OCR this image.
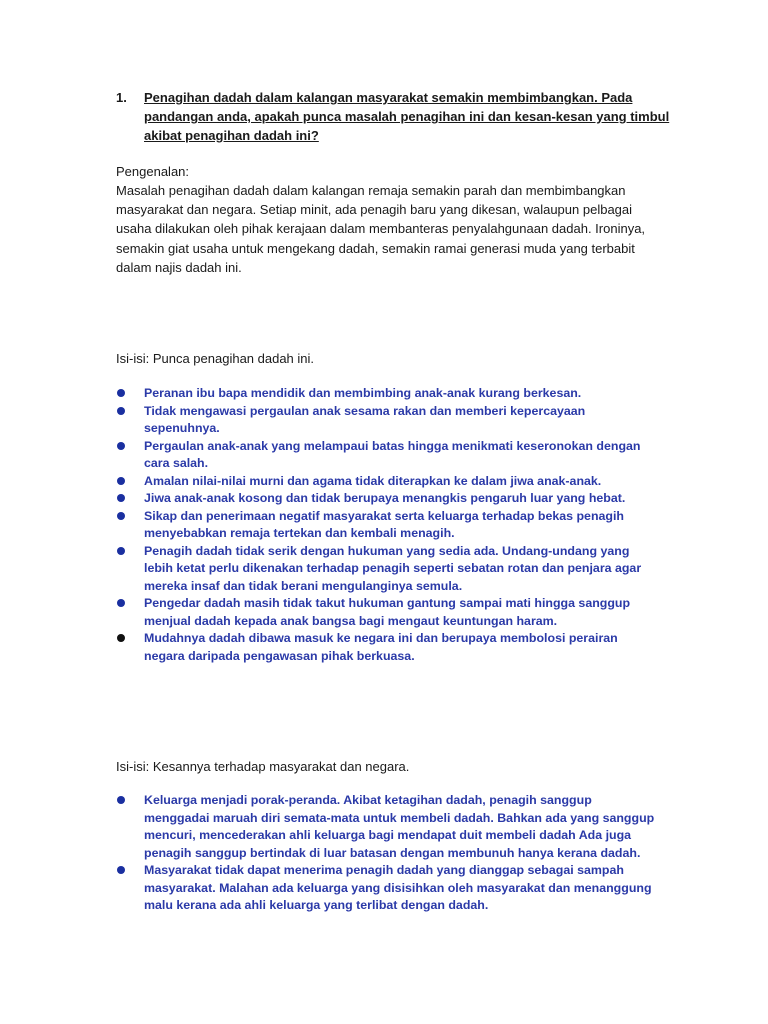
1. Penagihan dadah dalam kalangan masyarakat semakin membimbangkan. Pada pandangan anda, apakah punca masalah penagihan ini dan kesan-kesan yang timbul akibat penagihan dadah ini?
Pengenalan:
Masalah penagihan dadah dalam kalangan remaja semakin parah dan membimbangkan masyarakat dan negara. Setiap minit, ada penagih baru yang dikesan, walaupun pelbagai usaha dilakukan oleh pihak kerajaan dalam membanteras penyalahgunaan dadah. Ironinya, semakin giat usaha untuk mengekang dadah, semakin ramai generasi muda yang terbabit dalam najis dadah ini.
Isi-isi: Punca penagihan dadah ini.
Peranan ibu bapa mendidik dan membimbing anak-anak kurang berkesan.
Tidak mengawasi pergaulan anak sesama rakan dan memberi kepercayaan sepenuhnya.
Pergaulan anak-anak yang melampaui batas hingga menikmati keseronokan dengan cara salah.
Amalan nilai-nilai murni dan agama tidak diterapkan ke dalam jiwa anak-anak.
Jiwa anak-anak kosong dan tidak berupaya menangkis pengaruh luar yang hebat.
Sikap dan penerimaan negatif masyarakat serta keluarga terhadap bekas penagih menyebabkan remaja tertekan dan kembali menagih.
Penagih dadah tidak serik dengan hukuman yang sedia ada. Undang-undang yang lebih ketat perlu dikenakan terhadap penagih seperti sebatan rotan dan penjara agar mereka insaf dan tidak berani mengulanginya semula.
Pengedar dadah masih tidak takut hukuman gantung sampai mati hingga sanggup menjual dadah kepada anak bangsa bagi mengaut keuntungan haram.
Mudahnya dadah dibawa masuk ke negara ini dan berupaya membolosi perairan negara daripada pengawasan pihak berkuasa.
Isi-isi: Kesannya terhadap masyarakat dan negara.
Keluarga menjadi porak-peranda. Akibat ketagihan dadah, penagih sanggup menggadai maruah diri semata-mata untuk membeli dadah. Bahkan ada yang sanggup mencuri, mencederakan ahli keluarga bagi mendapat duit membeli dadah Ada juga penagih sanggup bertindak di luar batasan dengan membunuh hanya kerana dadah.
Masyarakat tidak dapat menerima penagih dadah yang dianggap sebagai sampah masyarakat. Malahan ada keluarga yang disisihkan oleh masyarakat dan menanggung malu kerana ada ahli keluarga yang terlibat dengan dadah.
